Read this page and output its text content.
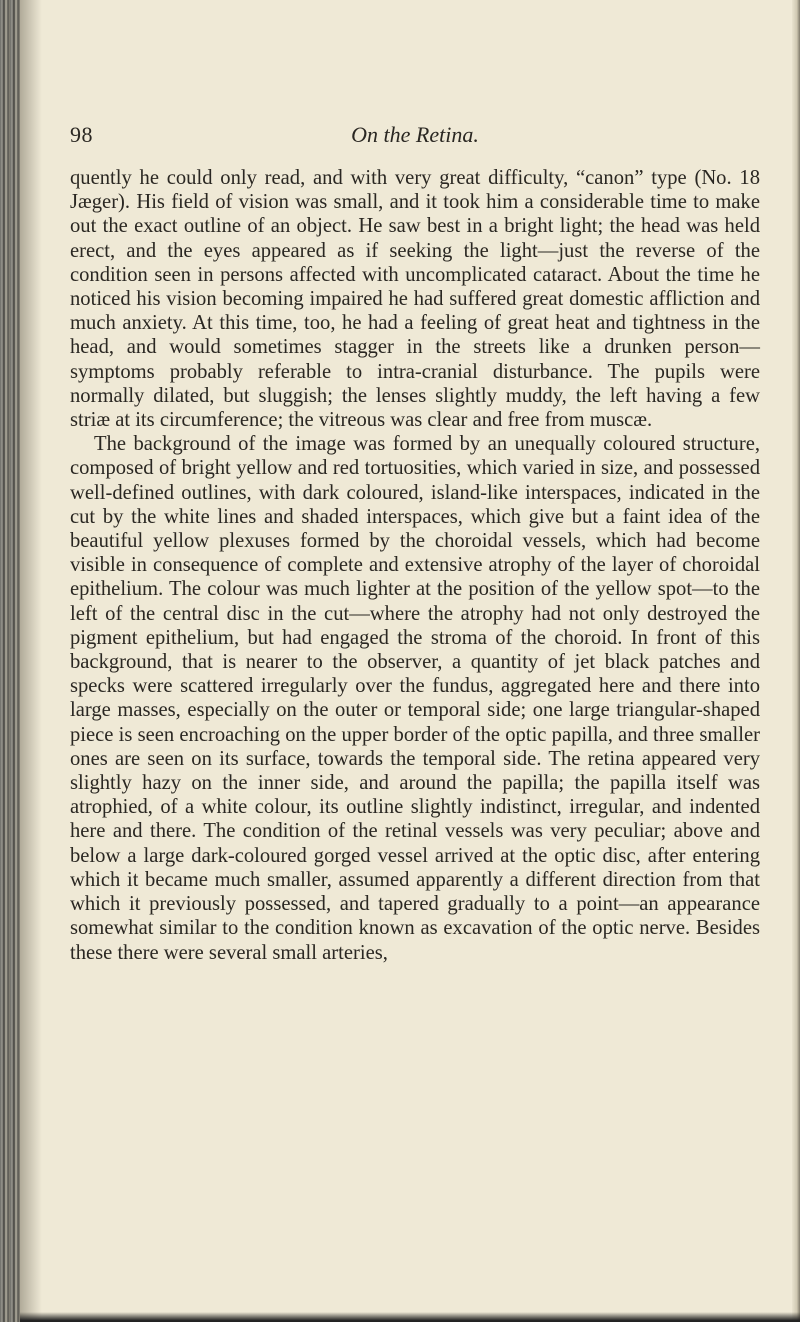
98	On the Retina.

quently he could only read, and with very great difficulty, “canon” type (No. 18 Jæger). His field of vision was small, and it took him a considerable time to make out the exact outline of an object. He saw best in a bright light; the head was held erect, and the eyes appeared as if seeking the light—just the reverse of the condition seen in persons affected with uncomplicated cataract. About the time he noticed his vision becoming impaired he had suffered great domestic affliction and much anxiety. At this time, too, he had a feeling of great heat and tightness in the head, and would sometimes stagger in the streets like a drunken person—symptoms probably referable to intra-cranial disturbance. The pupils were normally dilated, but sluggish; the lenses slightly muddy, the left having a few striæ at its circumference; the vitreous was clear and free from muscæ.

The background of the image was formed by an unequally coloured structure, composed of bright yellow and red tortuosities, which varied in size, and possessed well-defined outlines, with dark coloured, island-like interspaces, indicated in the cut by the white lines and shaded interspaces, which give but a faint idea of the beautiful yellow plexuses formed by the choroidal vessels, which had become visible in consequence of complete and extensive atrophy of the layer of choroidal epithelium. The colour was much lighter at the position of the yellow spot—to the left of the central disc in the cut—where the atrophy had not only destroyed the pigment epithelium, but had engaged the stroma of the choroid. In front of this background, that is nearer to the observer, a quantity of jet black patches and specks were scattered irregularly over the fundus, aggregated here and there into large masses, especially on the outer or temporal side; one large triangular-shaped piece is seen encroaching on the upper border of the optic papilla, and three smaller ones are seen on its surface, towards the temporal side. The retina appeared very slightly hazy on the inner side, and around the papilla; the papilla itself was atrophied, of a white colour, its outline slightly indistinct, irregular, and indented here and there. The condition of the retinal vessels was very peculiar; above and below a large dark-coloured gorged vessel arrived at the optic disc, after entering which it became much smaller, assumed apparently a different direction from that which it previously possessed, and tapered gradually to a point—an appearance somewhat similar to the condition known as excavation of the optic nerve. Besides these there were several small arteries,
